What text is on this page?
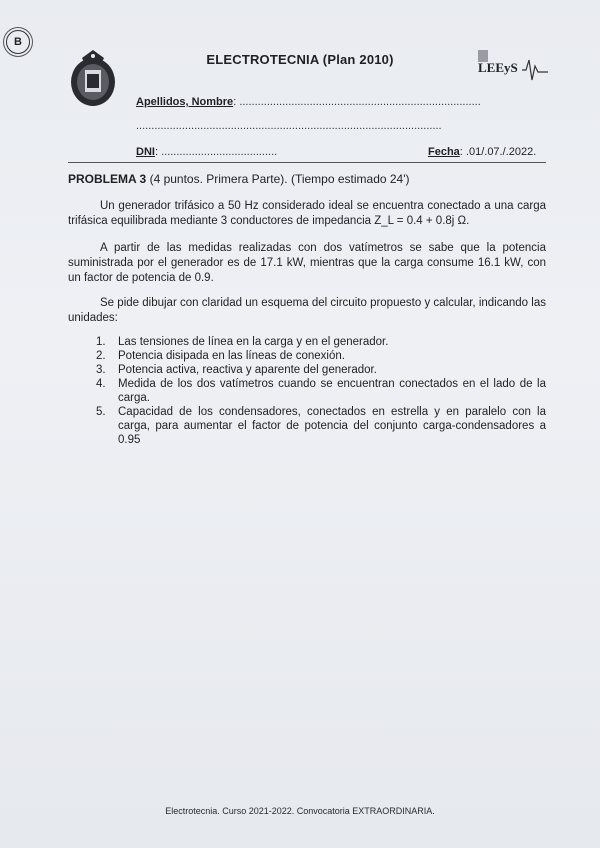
B
ELECTROTECNIA (Plan 2010)
LEEyS
Apellidos, Nombre: ...............................................................................
....................................................................................................
DNI: ......................................	Fecha: .01/.07./.2022.
PROBLEMA 3 (4 puntos. Primera Parte). (Tiempo estimado 24')
Un generador trifásico a 50 Hz considerado ideal se encuentra conectado a una carga trifásica equilibrada mediante 3 conductores de impedancia Z_L = 0.4 + 0.8j Ω.
A partir de las medidas realizadas con dos vatímetros se sabe que la potencia suministrada por el generador es de 17.1 kW, mientras que la carga consume 16.1 kW, con un factor de potencia de 0.9.
Se pide dibujar con claridad un esquema del circuito propuesto y calcular, indicando las unidades:
1.	Las tensiones de línea en la carga y en el generador.
2.	Potencia disipada en las líneas de conexión.
3.	Potencia activa, reactiva y aparente del generador.
4.	Medida de los dos vatímetros cuando se encuentran conectados en el lado de la carga.
5.	Capacidad de los condensadores, conectados en estrella y en paralelo con la carga, para aumentar el factor de potencia del conjunto carga-condensadores a 0.95
Electrotecnia. Curso 2021-2022. Convocatoria EXTRAORDINARIA.
